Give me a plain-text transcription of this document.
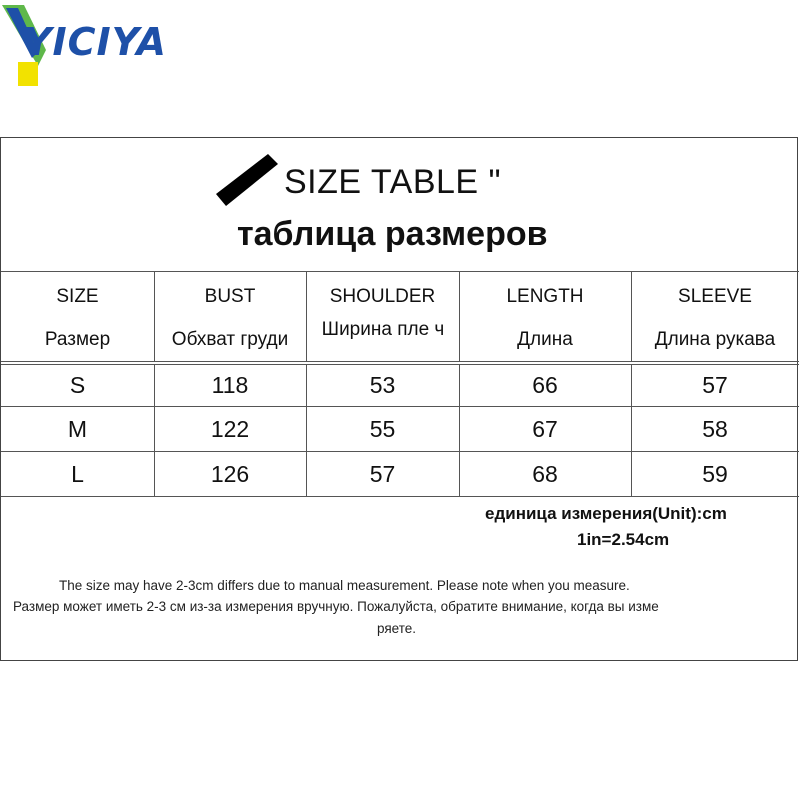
YICIYA
SIZE TABLE "
таблица размеров
SIZE	BUST	SHOULDER	LENGTH	SLEEVE
Размер	Обхват груди	Ширина пле ч	Длина	Длина рукава
S	118	53	66	57
M	122	55	67	58
L	126	57	68	59
единица измерения(Unit):cm
1in=2.54cm
The size may have 2-3cm differs due to manual measurement. Please note when you measure.
Размер может иметь 2-3 см из-за измерения вручную. Пожалуйста, обратите внимание, когда вы изме
ряете.
